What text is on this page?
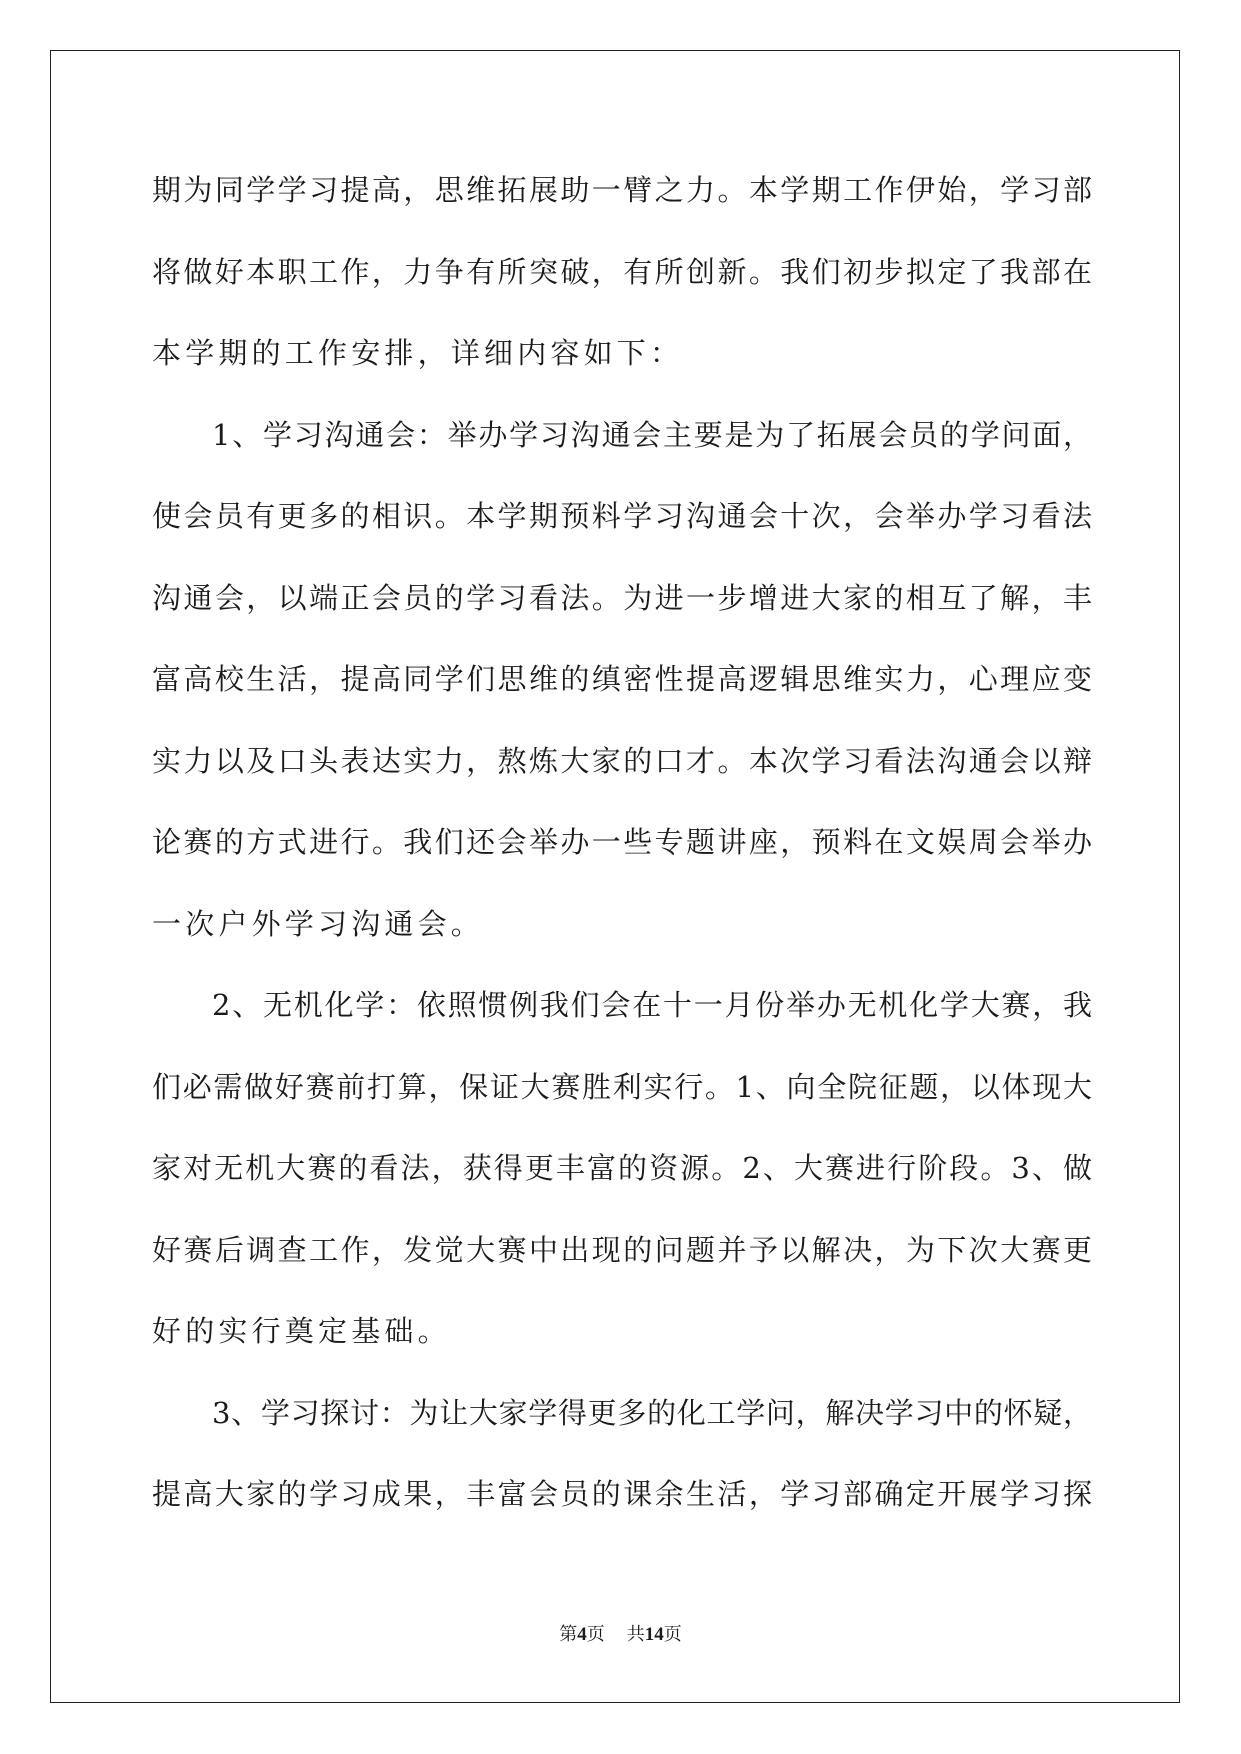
期为同学学习提高，思维拓展助一臂之力。本学期工作伊始，学习部
将做好本职工作，力争有所突破，有所创新。我们初步拟定了我部在
本学期的工作安排，详细内容如下：
1、学习沟通会：举办学习沟通会主要是为了拓展会员的学问面，
使会员有更多的相识。本学期预料学习沟通会十次，会举办学习看法
沟通会，以端正会员的学习看法。为进一步增进大家的相互了解，丰
富高校生活，提高同学们思维的缜密性提高逻辑思维实力，心理应变
实力以及口头表达实力，熬炼大家的口才。本次学习看法沟通会以辩
论赛的方式进行。我们还会举办一些专题讲座，预料在文娱周会举办
一次户外学习沟通会。
2、无机化学：依照惯例我们会在十一月份举办无机化学大赛，我
们必需做好赛前打算，保证大赛胜利实行。1、向全院征题，以体现大
家对无机大赛的看法，获得更丰富的资源。2、大赛进行阶段。3、做
好赛后调查工作，发觉大赛中出现的问题并予以解决，为下次大赛更
好的实行奠定基础。
3、学习探讨：为让大家学得更多的化工学问，解决学习中的怀疑，
提高大家的学习成果，丰富会员的课余生活，学习部确定开展学习探
第4页 共14页
